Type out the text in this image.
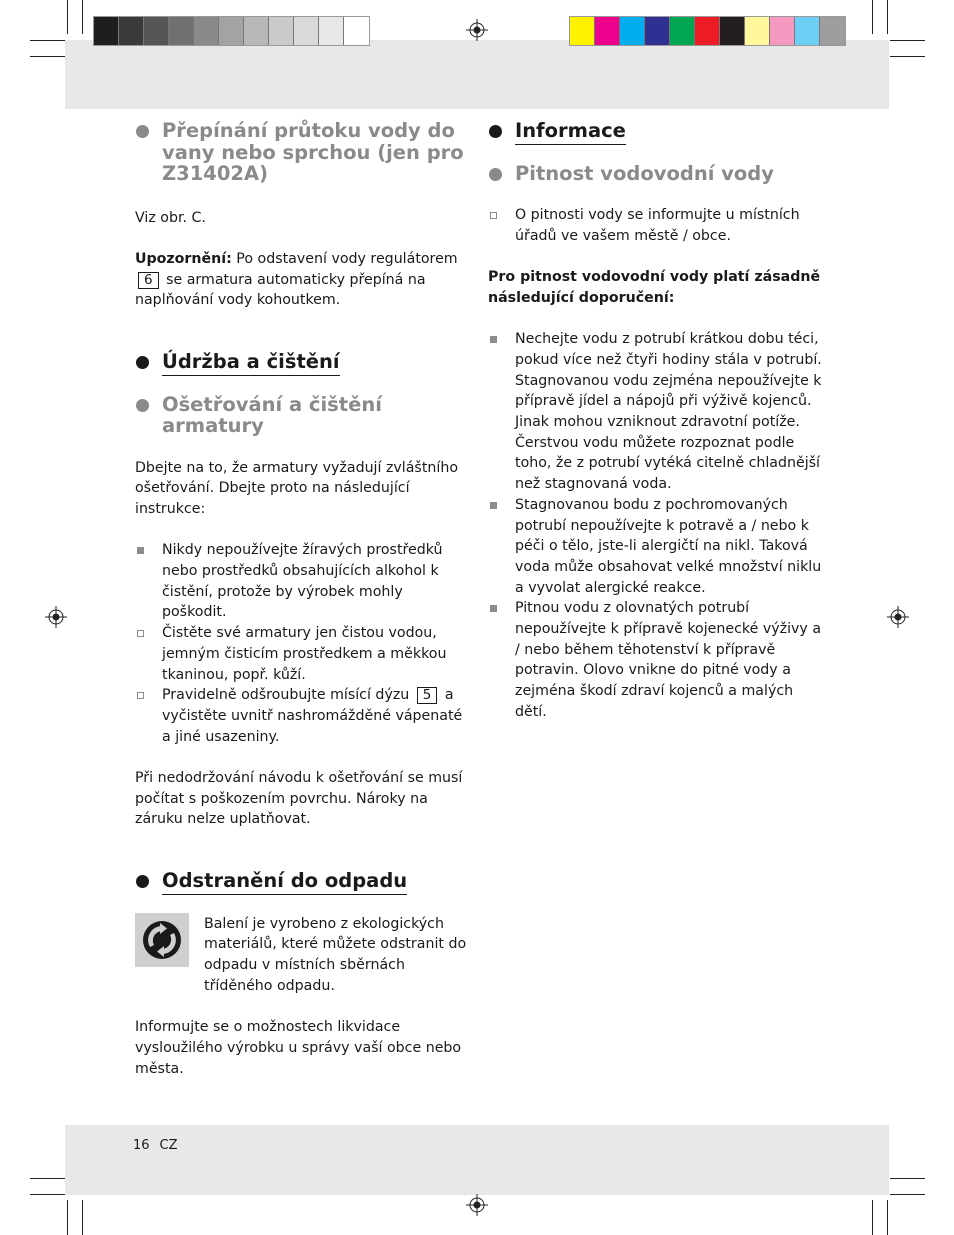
Přepínání průtoku vody do vany nebo sprchou (jen pro Z31402A)

Viz obr. C.

Upozornění: Po odstavení vody regulátorem 6 se armatura automaticky přepíná na naplňování vody kohoutkem.

Údržba a čištění
Ošetřování a čištění armatury

Dbejte na to, že armatury vyžadují zvláštního ošetřování. Dbejte proto na následující instrukce:

Nikdy nepoužívejte žíravých prostředků nebo prostředků obsahujících alkohol k čistění, protože by výrobek mohly poškodit.
Čistěte své armatury jen čistou vodou, jemným čisticím prostředkem a měkkou tkaninou, popř. kůží.
Pravidelně odšroubujte mísící dýzu 5 a vyčistěte uvnitř nashromážděné vápenaté a jiné usazeniny.

Při nedodržování návodu k ošetřování se musí počítat s poškozením povrchu. Nároky na záruku nelze uplatňovat.

Odstranění do odpadu

Balení je vyrobeno z ekologických materiálů, které můžete odstranit do odpadu v místních sběrnách tříděného odpadu.

Informujte se o možnostech likvidace vysloužilého výrobku u správy vaší obce nebo města.

Informace
Pitnost vodovodní vody
O pitnosti vody se informujte u místních úřadů ve vašem městě / obce.

Pro pitnost vodovodní vody platí zásadně následující doporučení:

Nechejte vodu z potrubí krátkou dobu téci, pokud více než čtyři hodiny stála v potrubí. Stagnovanou vodu zejména nepoužívejte k přípravě jídel a nápojů při výživě kojenců. Jinak mohou vzniknout zdravotní potíže. Čerstvou vodu můžete rozpoznat podle toho, že z potrubí vytéká citelně chladnější než stagnovaná voda.
Stagnovanou bodu z pochromovaných potrubí nepoužívejte k potravě a / nebo k péči o tělo, jste-li alergičtí na nikl. Taková voda může obsahovat velké množství niklu a vyvolat alergické reakce.
Pitnou vodu z olovnatých potrubí nepoužívejte k přípravě kojenecké výživy a / nebo během těhotenství k přípravě potravin. Olovo vnikne do pitné vody a zejména škodí zdraví kojenců a malých dětí.
16 CZ
